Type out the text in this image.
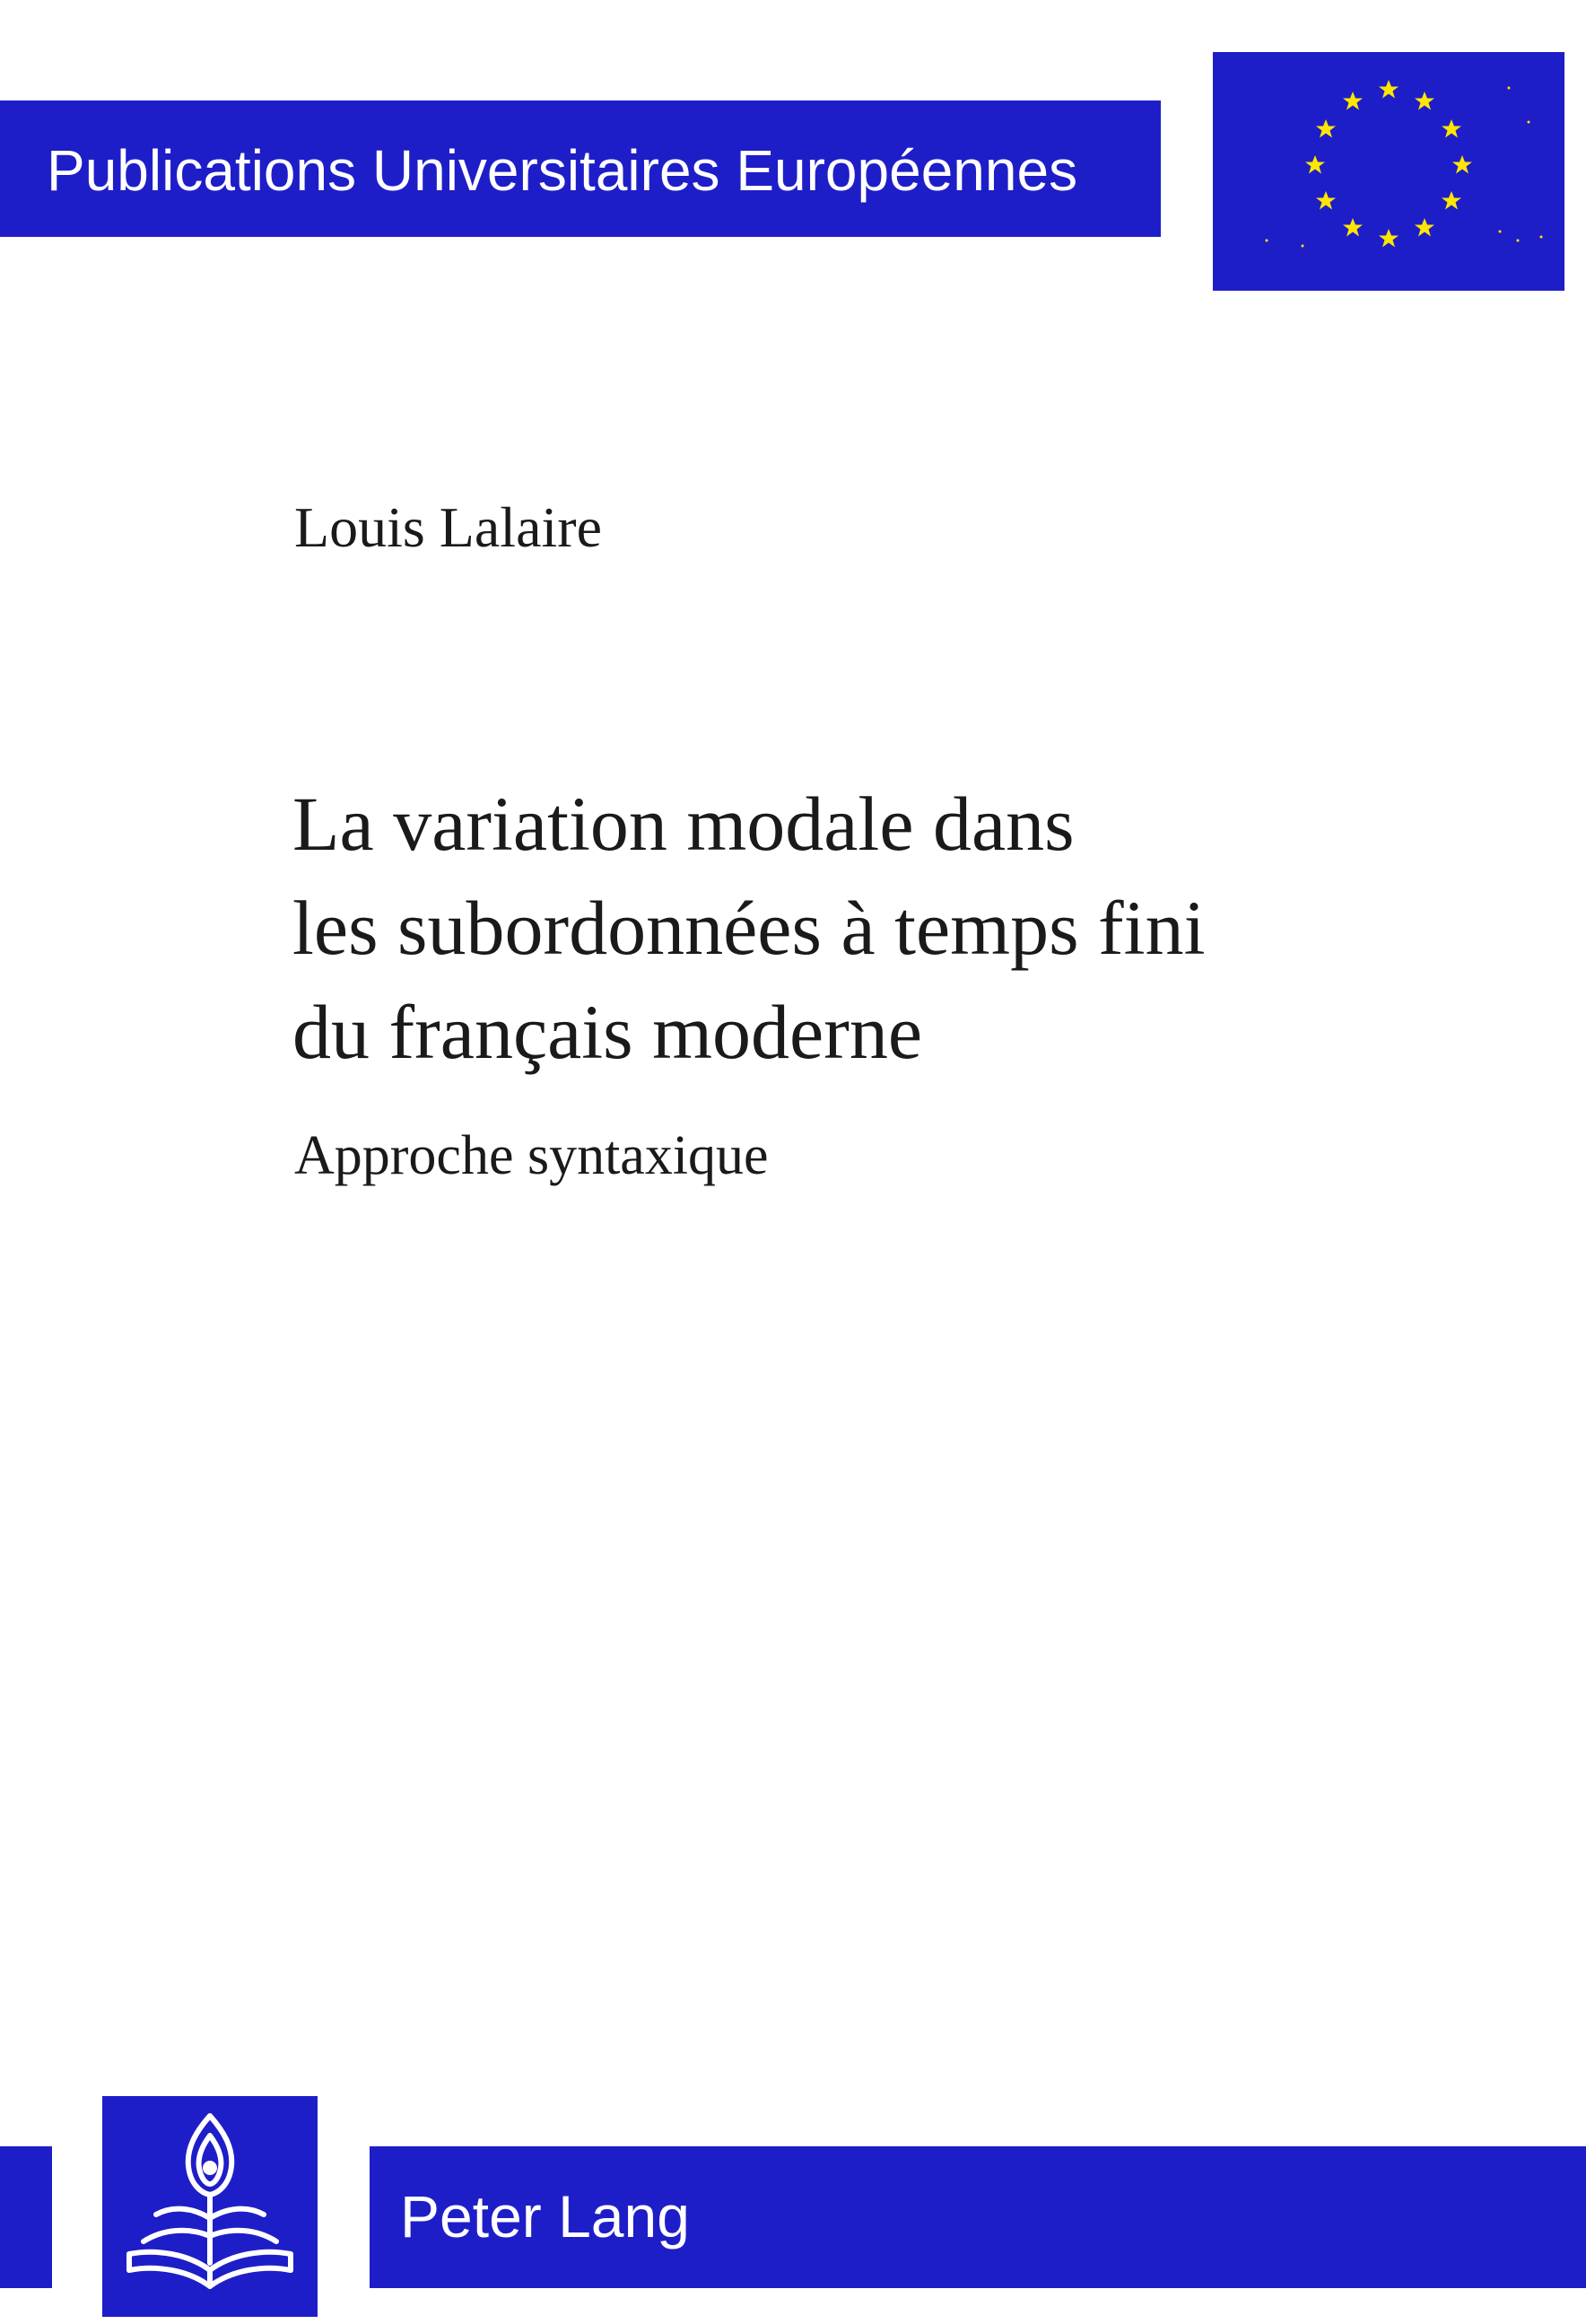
Publications Universitaires Européennes
Louis Lalaire
La variation modale dans
les subordonnées à temps fini
du français moderne
Approche syntaxique
Peter Lang
